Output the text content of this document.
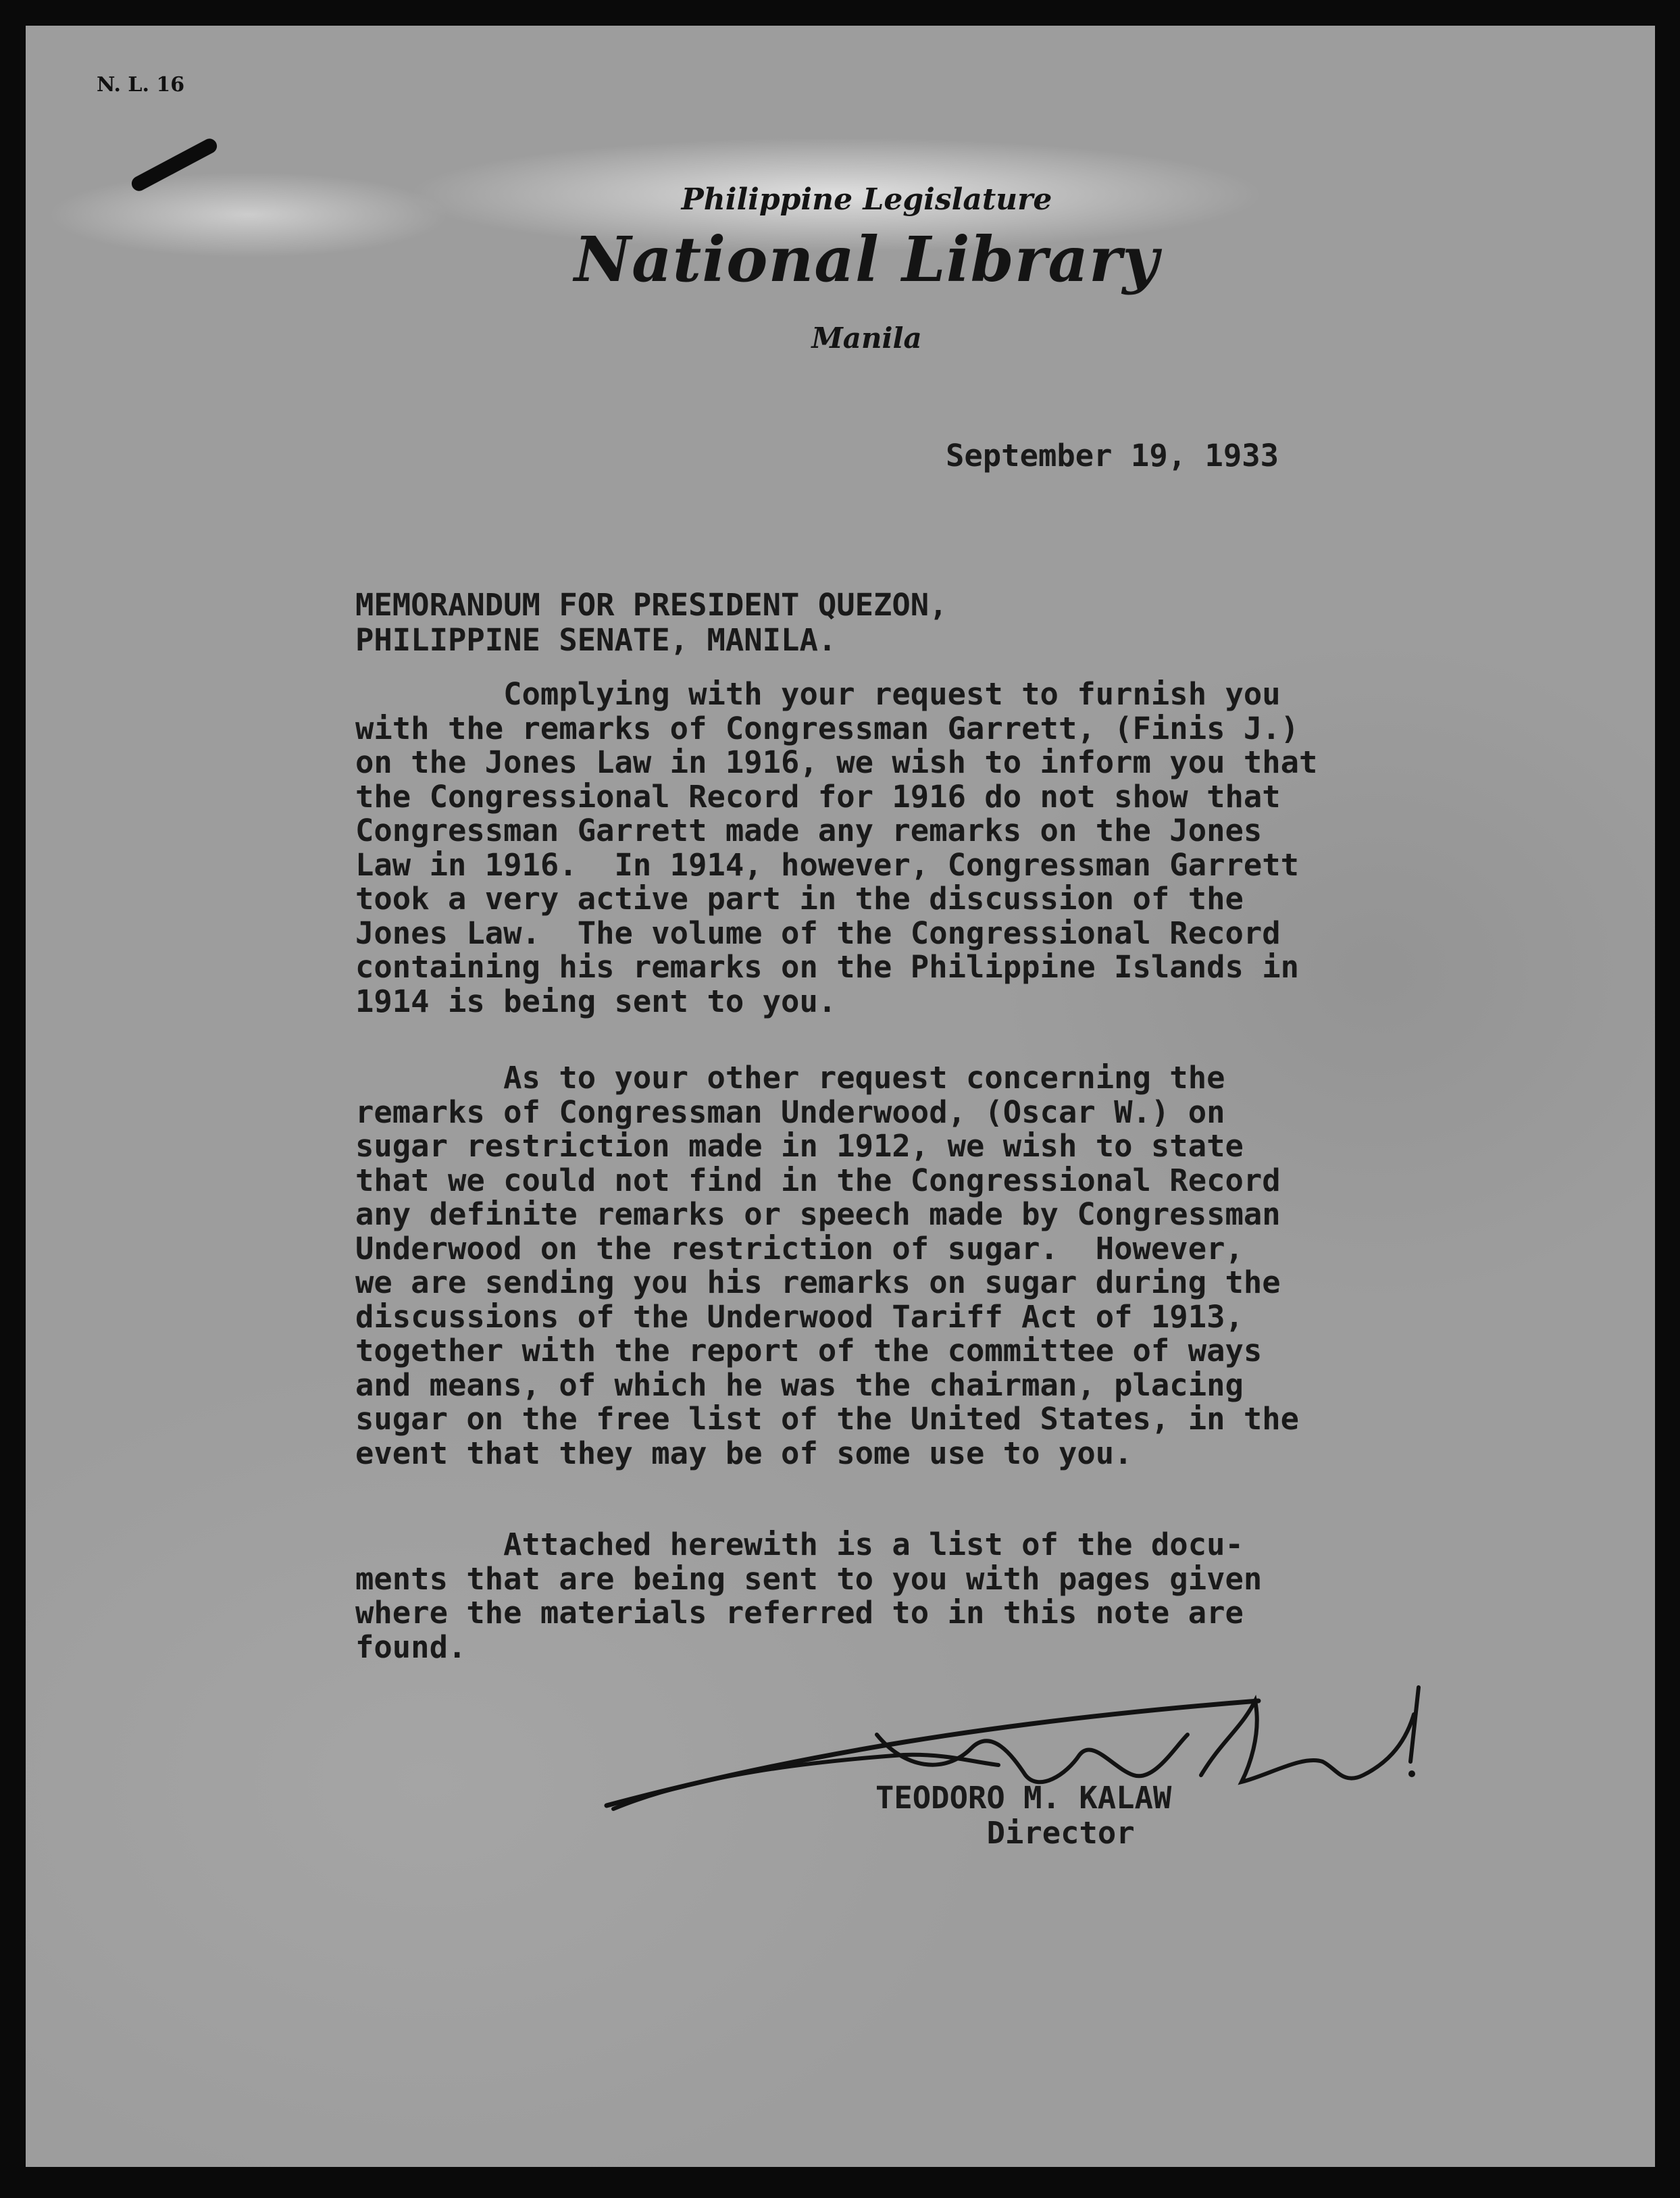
N. L. 16
Philippine Legislature
National Library
Manila
September 19, 1933
MEMORANDUM FOR PRESIDENT QUEZON,
PHILIPPINE SENATE, MANILA.
Complying with your request to furnish you
with the remarks of Congressman Garrett, (Finis J.)
on the Jones Law in 1916, we wish to inform you that
the Congressional Record for 1916 do not show that
Congressman Garrett made any remarks on the Jones
Law in 1916.  In 1914, however, Congressman Garrett
took a very active part in the discussion of the
Jones Law.  The volume of the Congressional Record
containing his remarks on the Philippine Islands in
1914 is being sent to you.
As to your other request concerning the
remarks of Congressman Underwood, (Oscar W.) on
sugar restriction made in 1912, we wish to state
that we could not find in the Congressional Record
any definite remarks or speech made by Congressman
Underwood on the restriction of sugar.  However,
we are sending you his remarks on sugar during the
discussions of the Underwood Tariff Act of 1913,
together with the report of the committee of ways
and means, of which he was the chairman, placing
sugar on the free list of the United States, in the
event that they may be of some use to you.
Attached herewith is a list of the docu-
ments that are being sent to you with pages given
where the materials referred to in this note are
found.
TEODORO M. KALAW
Director
